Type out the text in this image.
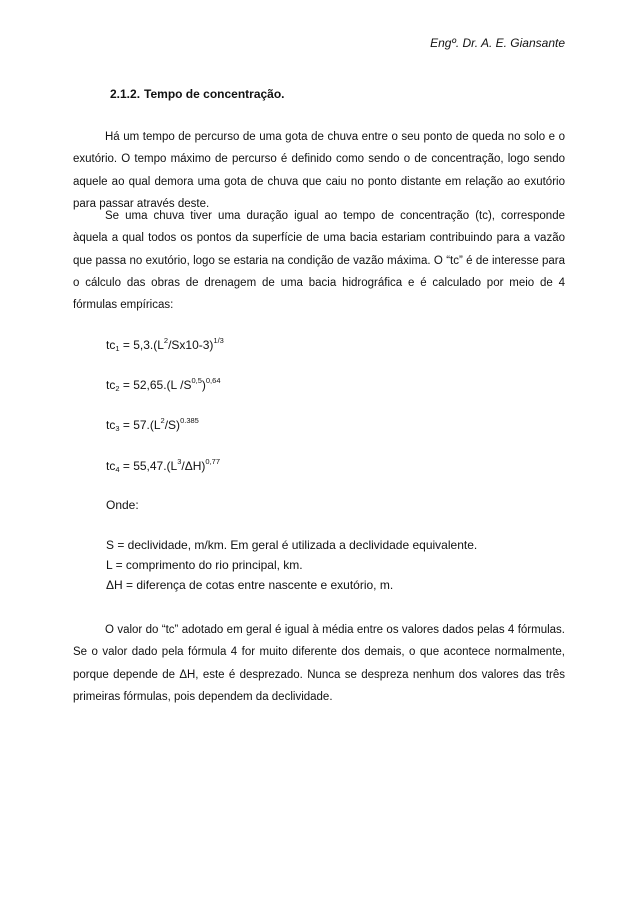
Engº. Dr. A. E. Giansante
2.1.2. Tempo de concentração.

Há um tempo de percurso de uma gota de chuva entre o seu ponto de queda no solo e o exutório. O tempo máximo de percurso é definido como sendo o de concentração, logo sendo aquele ao qual demora uma gota de chuva que caiu no ponto distante em relação ao exutório para passar através deste.

Se uma chuva tiver uma duração igual ao tempo de concentração (tc), corresponde àquela a qual todos os pontos da superfície de uma bacia estariam contribuindo para a vazão que passa no exutório, logo se estaria na condição de vazão máxima. O “tc” é de interesse para o cálculo das obras de drenagem de uma bacia hidrográfica e é calculado por meio de 4 fórmulas empíricas:

$tc_1 = 5,3.(L^2/Sx10-3)^{1/3}$
$tc_2 = 52,65.(L$ $/S^{0,5})^{0,64}$
$tc_3 = 57.(L^2/S)^{0.385}$
$tc_4 = 55,47.(L^3/\Delta H)^{0,77}$
Onde:
S = declividade, m/km. Em geral é utilizada a declividade equivalente.
L = comprimento do rio principal, km.
ΔH = diferença de cotas entre nascente e exutório, m.

O valor do “tc” adotado em geral é igual à média entre os valores dados pelas 4 fórmulas. Se o valor dado pela fórmula 4 for muito diferente dos demais, o que acontece normalmente, porque depende de ΔH, este é desprezado. Nunca se despreza nenhum dos valores das três primeiras fórmulas, pois dependem da declividade.
